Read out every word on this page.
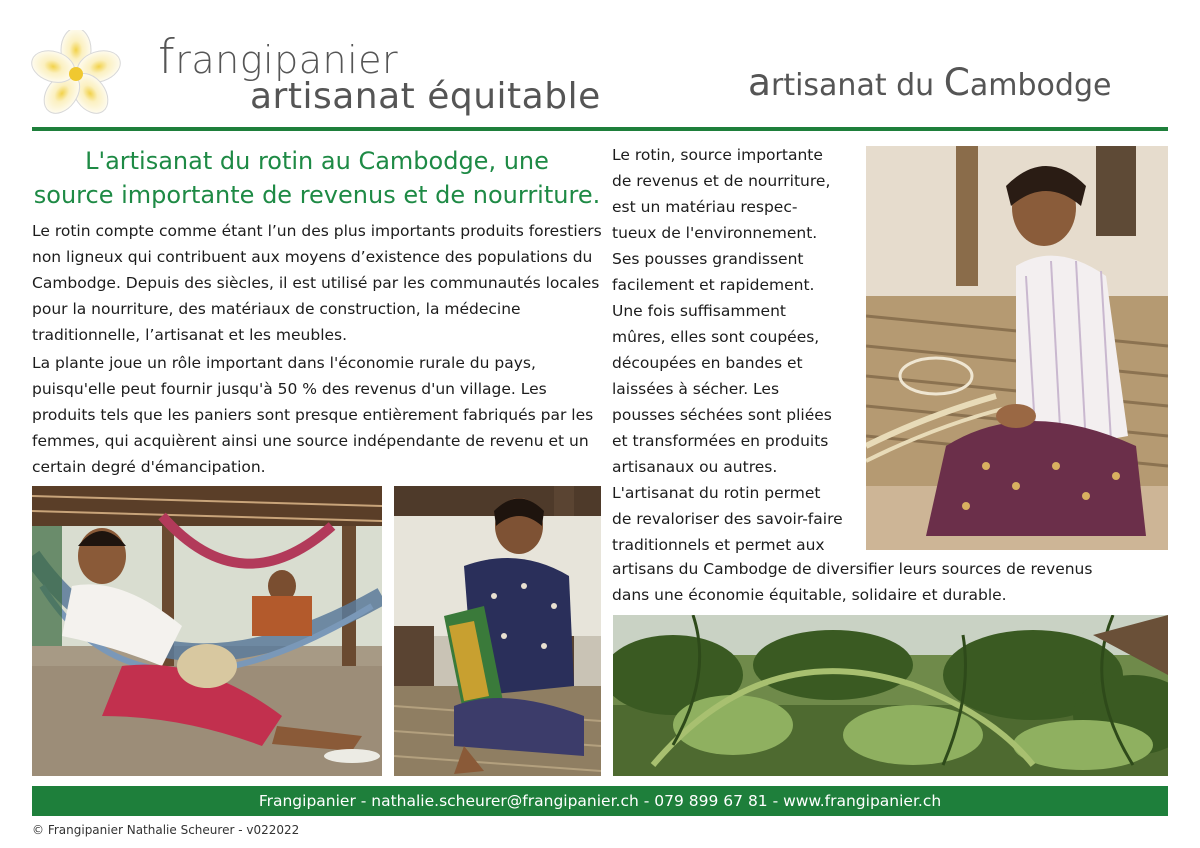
frangipanier
artisanat équitable	artisanat du Cambodge
L'artisanat du rotin au Cambodge, une
source importante de revenus et de nourriture.

Le rotin compte comme étant l’un des plus importants produits forestiers non ligneux qui contribuent aux moyens d’existence des populations du Cambodge. Depuis des siècles, il est utilisé par les communautés locales pour la nourriture, des matériaux de construction, la médecine traditionnelle, l’artisanat et les meubles.

La plante joue un rôle important dans l'économie rurale du pays, puisqu'elle peut fournir jusqu'à 50 % des revenus d'un village. Les produits tels que les paniers sont presque entièrement fabriqués par les femmes, qui acquièrent ainsi une source indépendante de revenu et un certain degré d'émancipation.

Le rotin, source importante
de revenus et de nourriture,
est un matériau respec-
tueux de l'environnement.
Ses pousses grandissent
facilement et rapidement.
Une fois suffisamment
mûres, elles sont coupées,
découpées en bandes et
laissées à sécher. Les
pousses séchées sont pliées
et transformées en produits
artisanaux ou autres.
L'artisanat du rotin permet
de revaloriser des savoir-faire
traditionnels et permet aux
artisans du Cambodge de diversifier leurs sources de revenus
dans une économie équitable, solidaire et durable.
Frangipanier - nathalie.scheurer@frangipanier.ch - 079 899 67 81 - www.frangipanier.ch
© Frangipanier Nathalie Scheurer - v022022
